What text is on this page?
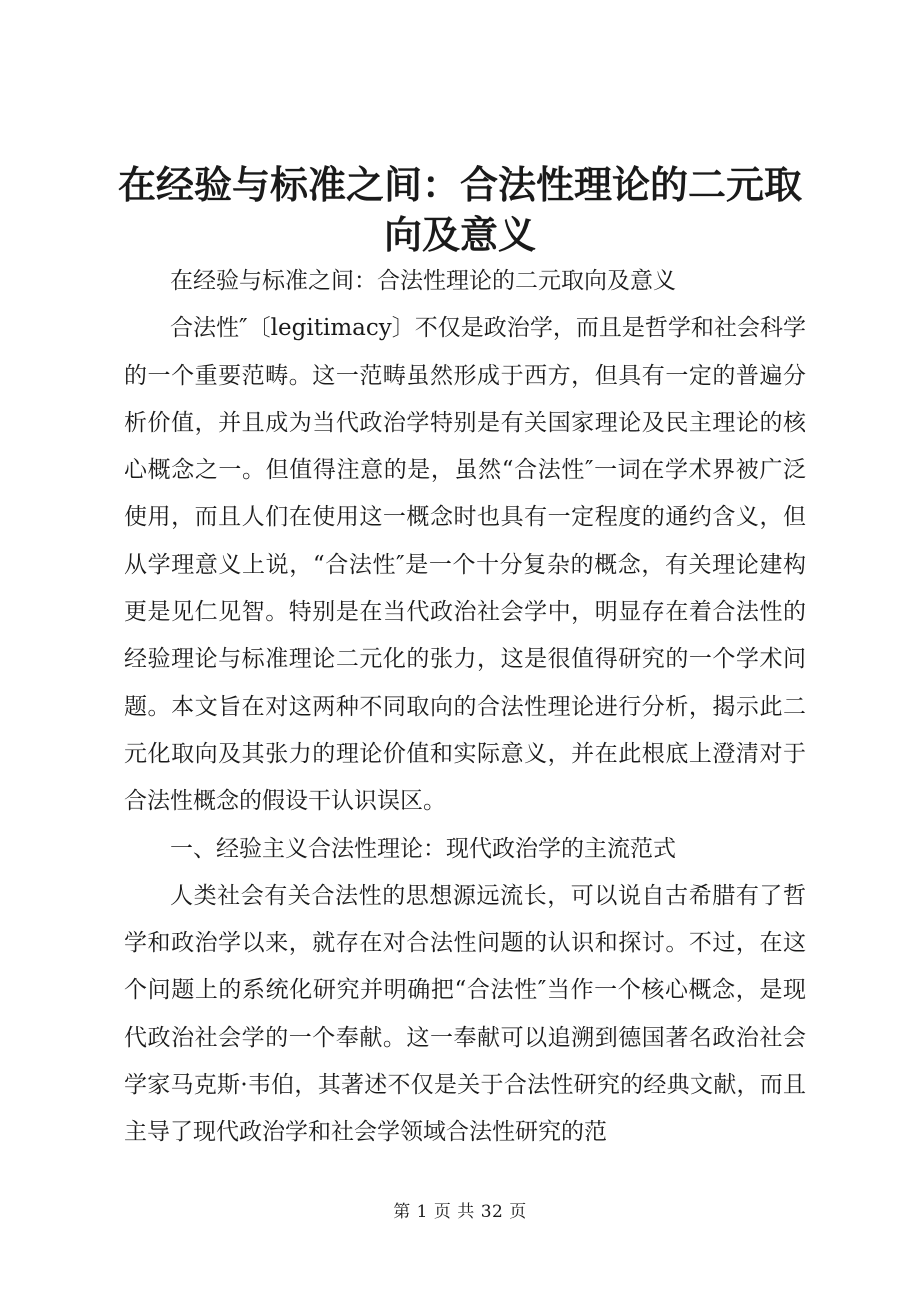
在经验与标准之间：合法性理论的二元取向及意义

在经验与标准之间：合法性理论的二元取向及意义

合法性″〔legitimacy〕不仅是政治学，而且是哲学和社会科学的一个重要范畴。这一范畴虽然形成于西方，但具有一定的普遍分析价值，并且成为当代政治学特别是有关国家理论及民主理论的核心概念之一。但值得注意的是，虽然“合法性″一词在学术界被广泛使用，而且人们在使用这一概念时也具有一定程度的通约含义，但从学理意义上说，“合法性″是一个十分复杂的概念，有关理论建构更是见仁见智。特别是在当代政治社会学中，明显存在着合法性的经验理论与标准理论二元化的张力，这是很值得研究的一个学术问题。本文旨在对这两种不同取向的合法性理论进行分析，揭示此二元化取向及其张力的理论价值和实际意义，并在此根底上澄清对于合法性概念的假设干认识误区。

一、经验主义合法性理论：现代政治学的主流范式

人类社会有关合法性的思想源远流长，可以说自古希腊有了哲学和政治学以来，就存在对合法性问题的认识和探讨。不过，在这个问题上的系统化研究并明确把“合法性″当作一个核心概念，是现代政治社会学的一个奉献。这一奉献可以追溯到德国著名政治社会学家马克斯·韦伯，其著述不仅是关于合法性研究的经典文献，而且主导了现代政治学和社会学领域合法性研究的范

第 1 页 共 32 页
